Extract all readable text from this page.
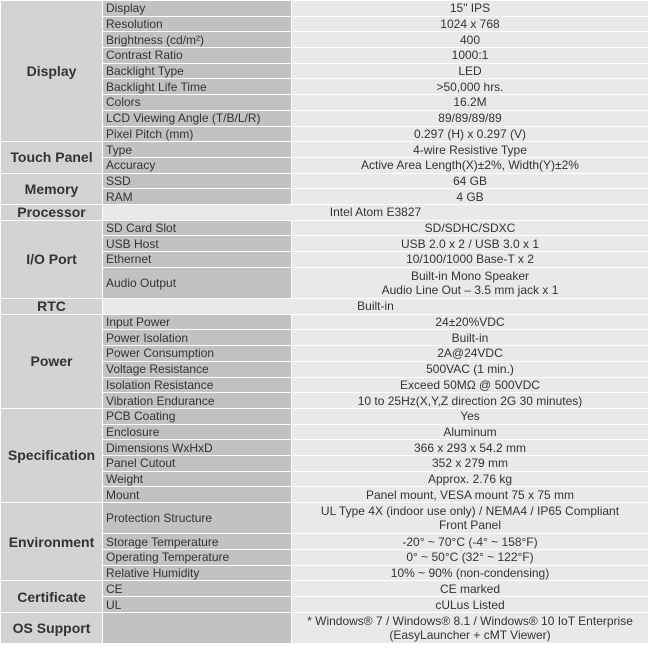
Display	Display	15" IPS
	Resolution	1024 x 768
	Brightness (cd/m²)	400
	Contrast Ratio	1000:1
	Backlight Type	LED
	Backlight Life Time	>50,000 hrs.
	Colors	16.2M
	LCD Viewing Angle (T/B/L/R)	89/89/89/89
	Pixel Pitch (mm)	0.297 (H) x 0.297 (V)
Touch Panel	Type	4-wire Resistive Type
	Accuracy	Active Area Length(X)±2%, Width(Y)±2%
Memory	SSD	64 GB
	RAM	4 GB
Processor	Intel Atom E3827	
I/O Port	SD Card Slot	SD/SDHC/SDXC
	USB Host	USB 2.0 x 2 / USB 3.0 x 1
	Ethernet	10/100/1000 Base-T x 2
	Audio Output	Built-in Mono Speaker
Audio Line Out – 3.5 mm jack x 1

RTC	Built-in	
Power	Input Power	24±20%VDC
	Power Isolation	Built-in
	Power Consumption	2A@24VDC
	Voltage Resistance	500VAC (1 min.)
	Isolation Resistance	Exceed 50MΩ @ 500VDC
	Vibration Endurance	10 to 25Hz(X,Y,Z direction 2G 30 minutes)
Specification	PCB Coating	Yes
	Enclosure	Aluminum
	Dimensions WxHxD	366 x 293 x 54.2 mm
	Panel Cutout	352 x 279 mm
	Weight	Approx. 2.76 kg
	Mount	Panel mount, VESA mount 75 x 75 mm
Environment	Protection Structure	UL Type 4X (indoor use only) / NEMA4 / IP65 Compliant
Front Panel

	Storage Temperature	-20° ~ 70°C (-4° ~ 158°F)
	Operating Temperature	0° ~ 50°C (32° ~ 122°F)
	Relative Humidity	10% ~ 90% (non-condensing)
Certificate	CE	CE marked
	UL	cULus Listed
OS Support		* Windows® 7 / Windows® 8.1 / Windows® 10 IoT Enterprise
(EasyLauncher + cMT Viewer)
